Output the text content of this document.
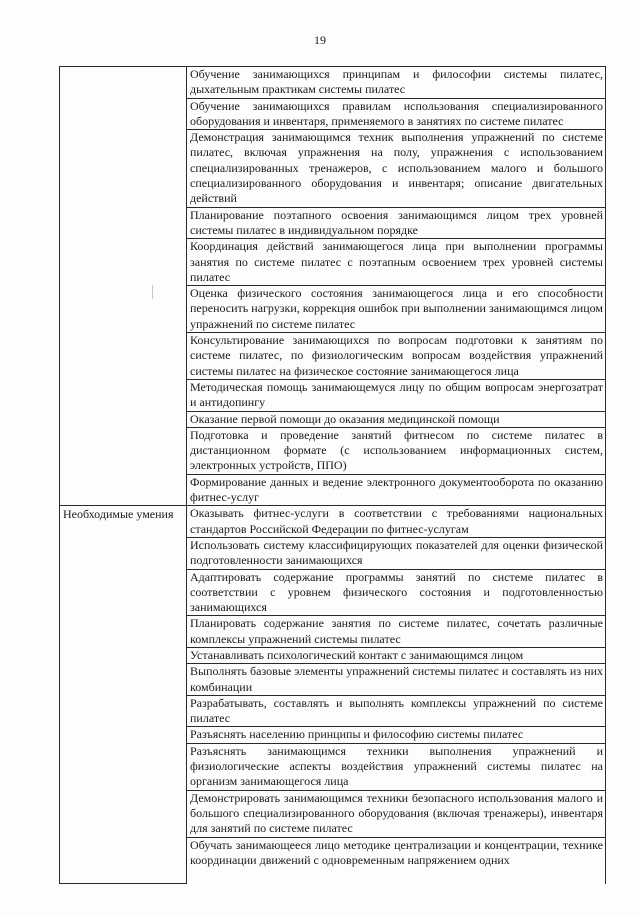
19
	Обучение занимающихся принципам и философии системы пилатес, дыхательным практикам системы пилатес
	Обучение занимающихся правилам использования специализированного оборудования и инвентаря, применяемого в занятиях по системе пилатес
	Демонстрация занимающимся техник выполнения упражнений по системе пилатес, включая упражнения на полу, упражнения с использованием специализированных тренажеров, с использованием малого и большого специализированного оборудования и инвентаря; описание двигательных действий
	Планирование поэтапного освоения занимающимся лицом трех уровней системы пилатес в индивидуальном порядке
	Координация действий занимающегося лица при выполнении программы занятия по системе пилатес с поэтапным освоением трех уровней системы пилатес
	Оценка физического состояния занимающегося лица и его способности переносить нагрузки, коррекция ошибок при выполнении занимающимся лицом упражнений по системе пилатес
	Консультирование занимающихся по вопросам подготовки к занятиям по системе пилатес, по физиологическим вопросам воздействия упражнений системы пилатес на физическое состояние занимающегося лица
	Методическая помощь занимающемуся лицу по общим вопросам энергозатрат и антидопингу
	Оказание первой помощи до оказания медицинской помощи
	Подготовка и проведение занятий фитнесом по системе пилатес в дистанционном формате (с использованием информационных систем, электронных устройств, ППО)
	Формирование данных и ведение электронного документооборота по оказанию фитнес-услуг
Необходимые умения	Оказывать фитнес-услуги в соответствии с требованиями национальных стандартов Российской Федерации по фитнес-услугам
	Использовать систему классифицирующих показателей для оценки физической подготовленности занимающихся
	Адаптировать содержание программы занятий по системе пилатес в соответствии с уровнем физического состояния и подготовленностью занимающихся
	Планировать содержание занятия по системе пилатес, сочетать различные комплексы упражнений системы пилатес
	Устанавливать психологический контакт с занимающимся лицом
	Выполнять базовые элементы упражнений системы пилатес и составлять из них комбинации
	Разрабатывать, составлять и выполнять комплексы упражнений по системе пилатес
	Разъяснять населению принципы и философию системы пилатес
	Разъяснять занимающимся техники выполнения упражнений и физиологические аспекты воздействия упражнений системы пилатес на организм занимающегося лица
	Демонстрировать занимающимся техники безопасного использования малого и большого специализированного оборудования (включая тренажеры), инвентаря для занятий по системе пилатес

	Обучать занимающееся лицо методике централизации и концентрации, технике координации движений с одновременным напряжением одних
